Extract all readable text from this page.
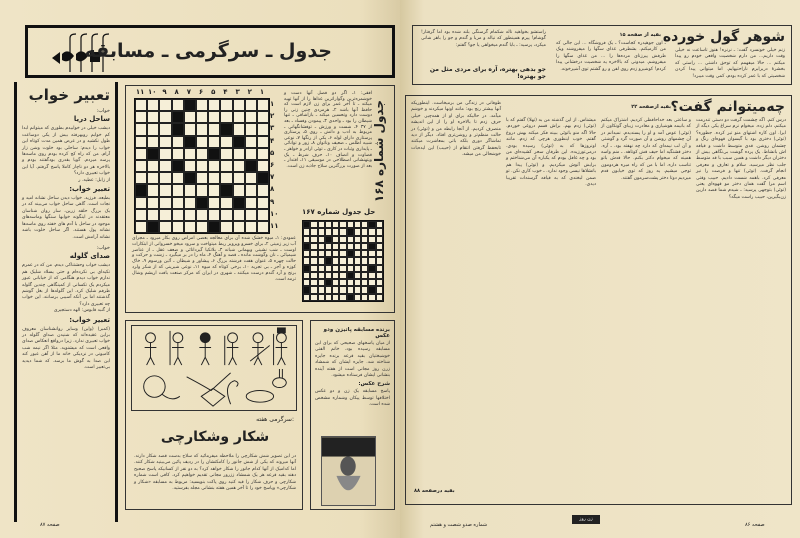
جدول ـ سرگرمی ـ مسابقه
تعبیر خواب
خواب:
ساحل دریا
دیشب خیلی در خوابیدم بطوری که میتوانم ابدا کم خوابم روبهرفته بیش از یکی دوساعت طول نکشید و در عرض همین مدت کوتاه این خواب را دیدم: ساحلی بود خلوت وشن زار آرام. من که راه کج کرده بودم روی ماسه‌ها پرسه میزدم. گویا بقدری بودگفتند بودم و بالاخره هر دو ناچار کاملا پاسخ گرفتم. آیا این خواب تعبیری دارد؟
از زابل: عطیه. ر
تعبیر خواب:
بطیعه. فرزید. خواب دیدن ساحل نشانه امید و نجات است. گاهی ساحل خواب می‌بیند که در یک بزرگ حلقه زرین، سار روان شناسان معتقدند در اینگونه خوابها سنگها وماسه‌های موجود در ساحل با آدم های خفته روی ماسه‌ها نشانه پول هستند. اگر ساحل خلوت باشد نشانه آرامش است.
خواب:
صدای گلوله
دیشب خواب وحشتناکی دیدم. من که در عمرم تکیه‌ای بی نکرده‌ام و حتی یسلاد شلیک هم ندارم خواب دیدم هنگامی که از خیابانی عبور میکردم یک تکسانی از کمینگاهی چندین گلوله طرفم شلیک کرد. این گلوله‌ها از بغل گوشم گذشتند اما بی آنکه آسیبی برسانند. این خواب چه تعبیری دارد؟
از گنبد قابوس: الهه دستجیری
تعبیر خواب:
(کمبر) (واین) وسایر روانشناسان معروف براین عقیده‌اند که شنیدن صدای گلوله در خواب تعبیری ندارد. زیرا درواقع انعکاس صدای واقعی است که میشنوید. مثلا اگر نیمه شب کامیونی در نزدیکی خانه ما از آهن عبور کند این صدا به گوش ما برسد. که شما دیدید بی‌تعبیر است.
۱۱ ۱۰ ۹	۸	۷	۶	۵	۴	۳	۲	۱
۱
۲
۳
۴
۵
۶
۷
۸
۹
۱۰
۱۱
جدول شماره ۱۶۸
افقی: ۱ـ اگر دو فصل آنها دست و خوشمزه‌ترین وگواراترین غذا‌ها را از آنها تهیه میکند ـ تا آخر عمر برای زن لازم است که حافظ آنها باشد ۲ـ هرمردی چنین زنی را دوست دارد وتحسین میکند ـ بازاشاقی ـ تنها شیطان را بود ـ واحدی ۳ـ پیمودن وفساد ـ بعد از ۳۷ ۴ـ شست و ورزش ـ توفشانگهانی ـ مربوط به ادب و دانش ـ روی ۵ـ پرستاری پرستاری دارای لوله ۶ـ یکی از رنگها ۷ـ نوعی شبیه اطلس ـ ضعیف وناتوان ۸ـ زور و توانائی ـ پایداری وثبات در کاری ـ توئی ارادر و خواهر ـ قضاوت و انصاف ۱۰ـ حرف شرط ـ یک ویتهنشانی اصطلاحی در موسیقی ۱۱ـ اقتدار ـ بعد از صورت بزرگترین سلاح جاذبه زن است.
حل جدول شماره ۱۶۷
عمودی: ۱ـ میوه خشک شده آن برای معالجه بعضی امراض روی بکار میرود ـ مجرای آب زیر زمینی ۲ـ برای خسرو وپرویز ربط میتواخت و سرود میخو خسروانی از ابتکارات اوست ـ شب نشینی وبهمانی شبانه ۳ـ بلاتکیا گیزدانائی و ضعف عقل ـ از عناصر شیمیائی ـ نان وگوشت مانده ـ قصد و آهنگ ۴ـ ماه را در بر میگیرد ـ زشت و حرکت و حالت چهره ۵ـ عنوان هفت فرشته بزرگ ۶ـ پیشاور و شیطان ـ آئین ورسوم ۹ـ خاک کوزه و آجر ـ بی تجربه ۱۰ـ برخی کوتاه که میوه ۱۱ـ نوعی شیرینی که از شکر ولرد برنج و آرد گندم درست میکنند ـ شهری در ایران که مرکز صنعت بافت اریشم وشال ترمه است.
سرگرمی هفته:
شکار وشکارچی
در این تصویر شش شکارچی را ملاحظه میفرمائید که سلاح بدست قصد شکار دارند. آنها میروند که یکی از شش جانور را کامکتشان را در ردیف پائین می‌بینید شکار کنند. اما کدامیک از آنها کدام جانور را شکار خواهد کرد؟ به دو نفر از کسانیکه پاسخ صحیح دهند بقید قرعه هر یک شمشاد ززرور مجانی تقدیم خواهیم کرد. کافی است شماره شکارچی و حرف شکار را قید کنید روی پاکت بنویسید: مربوط به مسابقه «شکار و شکارچی» وپاسخ خود را تا آخر همین هفته بنشانی مجله بفرستید.
برنده مسابقه پاتیزن ودو عکس
از میان پاسخهای صحیحی که برای این مسابقه رسیده بود، خانم الفتی خوشبختیان بقید قرعه برنده جایزه شناخته شد. جایزه ایشان که شمشاد زرن روز مجانی است از هفته آینده بنشانی ایشان فرستاده میشود.
شرح عکس:
پاسخ مسابقه یک زن و دو عکس اختلافها توسط پیکان وشماره مشخص شده است.
صفحه ۸۷
شوهر گول خورده
بقیه از صفحه ۱۵
زنم خیلی خونسرد گفت: ـ نزنزه! هنوز تاساعت نه خیلی وقت داریم... من دارم شخصیت واقعی خودم رو پیدا میکنم ... حالا میفهمم که توحق داشتی ... راستی که بخشرهٔ دربرابرم ناراحتیهایم. اما میتوانی پیدا کردن شخصیتی که با عمر کرده بودم، کمی وقت میبرد!
ـ اون جوهیدره کجاست؟ ـ یک فروشگاه ... این جالی که من کارمیکنم. بشطرفی غذای سگها را میفروشند ویک طرفش پیرزنای مرده‌ها را ... من غذای سگها را میفروشم. میدونی که بالاخره یه شخصیت درخشانی پیدا کردم! کوشیرو زدم روی لفن و رو گشتم توی آشپزخونه.
راستشو بخواهید ناله شکمام گرسنگی بلند شده بود اما گرفتار! گوشام! پیرم همینطور که نیاله و مربا و گندم و جو را باهر شانی میکرد، پرسید: ـ بابا گندم میخواهی یا جو؟ گفتم:
جو بدهی بهتره، آره برای مردی مثل من جو بهتره!
چه‌میتوانم گفت؟
بقیه ازصفحه ۲۲
درس کنم. اگه چشمت گرفت دو دستی تندرمت میکنم، دلم زده. میخوام نرم سراغ یکی دیگه از ایرا. اون کاره اشتهای منو تیر کرده. جطوره؟ (توئی) دختری بود با گیسوان قهوه‌ای رنگ و چشمان روشن. قدی متوسط داشت و قیافه اش بانشاط. یک پرده گوشت بی‌نگاهی بیش از دختران دیگر داشت و همین سبب با قد متوسط جلب نظر میرسید. سلام و تعارف و معرفی انجام گرفت. (توئی) تنها و فرصت را نیز معرفی کرد. باهمه شست دادیم. حبیب وقتی اسم مرا گفت همان دختر مو قهوه‌ای یعنی (توئی) بتوجهی پرسید: ـ شیدم شما قصد دارین زن‌بگیرین، حبیب راست میگه؟
و ساعتی بعد خداحافظی کردیم. اشتراک میکنم که بانیمه هوشیاری و مغادرت زیبای گونکاون از (توئی) عوض آمد و او را پسندیدم. نمیدانم در آن چشمهای روشن و آن صورت گرد و گوشتی و آن لب نیمه‌ای که دارد چه نهفته بود. ـ آره. دختر قشنگیه اما حیف قش کوتاهه. ـ منم واسه همینه که میخوام دکتر بکنم. حالا قدش باتو تناسب داره. اما با من که راه میره هردومون توجی میشیم. یه روز که توی خیابون قدم میزدیم دوتا دختر پشت‌سرمون گفتند.
میشناس. از این گذشته من به (تهلا) گفتم که با (توئی) زدم بهم. براش قسم دروغی خوردم. حالا اگه منو باتوئی ببینه فکر میکنه بهش دروغ گفتم. خوب اینطوری هرچی که زدم. مانند اونروزها که به (توئی) رسیده بودی. درمی‌تورزیده. این طرفان سحر کشیده‌ای من بود و چه غافل بودم که یکباره آن می‌شناختم و برایش آتوش میکردیم. و (توئی) پیدا هم بانشلاها نیسی وجود ندارد. ـ خوب کاری نکن. تو ضمن لبخندی که به قیافه گرسنه‌ات تقریبا دیدی.
طوفانی در زندگی من برمیخاست. اینطوریکه آنها بیشتر رنج بود: مانند اونها میکردند و خوشم میآمد. در حالیکه برای او از همه‌چیز. خیلی حرف زدم تا بالاخره او را از این اندیشه منصرف کردیم. از آنجا رابطه من و (توئی) در حالت منظم‌تر و روشن‌تری افتاد. دیگر از دید تماشاگر دوری بلکه باتی بمعاشرت میکنند تابحفظ گرفتن انتقام از (حبیب) این ایده‌بات خوشحالی من میشد.
بقیه درصفحه ۸۸
شماره صدو شصت و هشتم
زن روز
صفحه ۸۶
